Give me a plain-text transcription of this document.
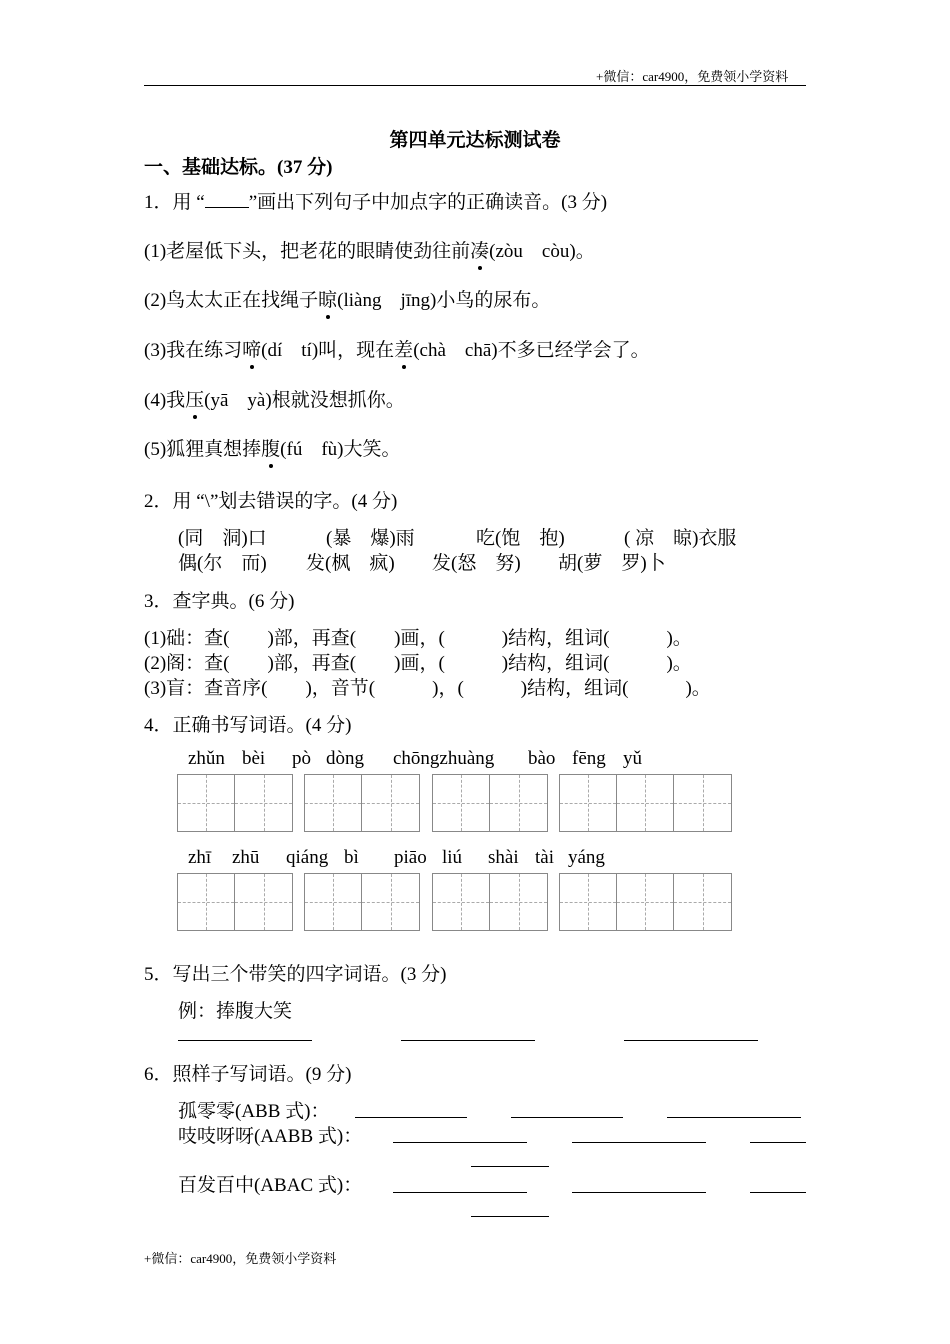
+微信：car4900，免费领小学资料
第四单元达标测试卷
一、基础达标。(37 分)
1．用 “ ”画出下列句子中加点字的正确读音。(3 分)
(1)老屋低下头，把老花的眼睛使劲往前凑(zòu　còu)。
(2)鸟太太正在找绳子晾(liàng　jīng)小鸟的尿布。
(3)我在练习啼(dí　tí)叫，现在差(chà　chā)不多已经学会了。
(4)我压(yā　yà)根就没想抓你。
(5)狐狸真想捧腹(fú　fù)大笑。
2．用 “\”划去错误的字。(4 分)
(同　洞)口	(暴　爆)雨	吃(饱　抱)	( 凉　晾)衣服
偶(尔　而) 发(枫　疯) 发(怒　努) 胡(萝　罗)卜
3．查字典。(6 分)
(1)础：查(　　)部，再查(　　)画，(　　　)结构，组词(　　　)。
(2)阁：查(　　)部，再查(　　)画，(　　　)结构，组词(　　　)。
(3)盲：查音序(　　)，音节(　　　)，(　　　)结构，组词(　　　)。
4．正确书写词语。(4 分)
zhǔn bèi pò dòng chōngzhuàng bào fēng yǔ
zhī zhū qiáng bì piāo liú shài tài yáng
5．写出三个带笑的四字词语。(3 分)
例：捧腹大笑
6．照样子写词语。(9 分)
孤零零(ABB 式)：
吱吱呀呀(AABB 式)：
百发百中(ABAC 式)：
+微信：car4900，免费领小学资料
